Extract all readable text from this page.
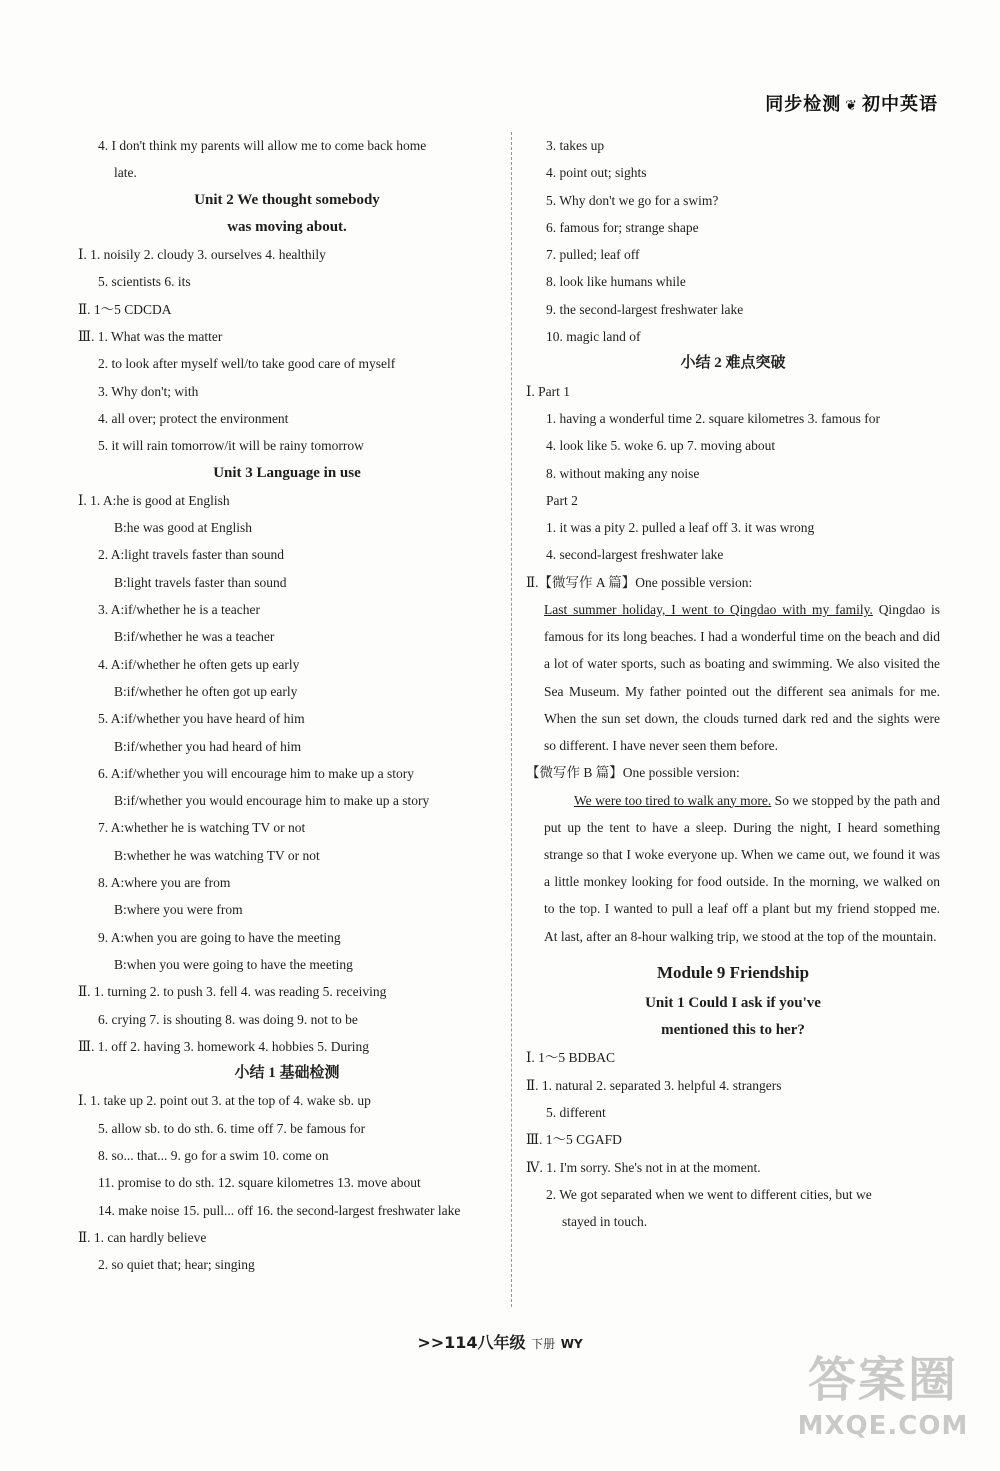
同步检测 ❦ 初中英语
4. I don't think my parents will allow me to come back home
late.
Unit 2 We thought somebody
was moving about.
Ⅰ. 1. noisily 2. cloudy 3. ourselves 4. healthily
5. scientists 6. its
Ⅱ. 1～5 CDCDA
Ⅲ. 1. What was the matter
2. to look after myself well/to take good care of myself
3. Why don't; with
4. all over; protect the environment
5. it will rain tomorrow/it will be rainy tomorrow
Unit 3 Language in use
Ⅰ. 1. A:he is good at English
B:he was good at English
2. A:light travels faster than sound
B:light travels faster than sound
3. A:if/whether he is a teacher
B:if/whether he was a teacher
4. A:if/whether he often gets up early
B:if/whether he often got up early
5. A:if/whether you have heard of him
B:if/whether you had heard of him
6. A:if/whether you will encourage him to make up a story
B:if/whether you would encourage him to make up a story
7. A:whether he is watching TV or not
B:whether he was watching TV or not
8. A:where you are from
B:where you were from
9. A:when you are going to have the meeting
B:when you were going to have the meeting
Ⅱ. 1. turning 2. to push 3. fell 4. was reading 5. receiving
6. crying 7. is shouting 8. was doing 9. not to be
Ⅲ. 1. off 2. having 3. homework 4. hobbies 5. During
小结 1 基础检测
Ⅰ. 1. take up 2. point out 3. at the top of 4. wake sb. up
5. allow sb. to do sth. 6. time off 7. be famous for
8. so... that... 9. go for a swim 10. come on
11. promise to do sth. 12. square kilometres 13. move about
14. make noise 15. pull... off 16. the second-largest freshwater lake
Ⅱ. 1. can hardly believe
2. so quiet that; hear; singing
3. takes up
4. point out; sights
5. Why don't we go for a swim?
6. famous for; strange shape
7. pulled; leaf off
8. look like humans while
9. the second-largest freshwater lake
10. magic land of
小结 2 难点突破
Ⅰ. Part 1
1. having a wonderful time 2. square kilometres 3. famous for
4. look like 5. woke 6. up 7. moving about
8. without making any noise
Part 2
1. it was a pity 2. pulled a leaf off 3. it was wrong
4. second-largest freshwater lake
Ⅱ.【微写作 A 篇】One possible version:
Last summer holiday, I went to Qingdao with my family. Qingdao is famous for its long beaches. I had a wonderful time on the beach and did a lot of water sports, such as boating and swimming. We also visited the Sea Museum. My father pointed out the different sea animals for me. When the sun set down, the clouds turned dark red and the sights were so different. I have never seen them before.
【微写作 B 篇】One possible version:
We were too tired to walk any more. So we stopped by the path and put up the tent to have a sleep. During the night, I heard something strange so that I woke everyone up. When we came out, we found it was a little monkey looking for food outside. In the morning, we walked on to the top. I wanted to pull a leaf off a plant but my friend stopped me. At last, after an 8-hour walking trip, we stood at the top of the mountain.
Module 9 Friendship
Unit 1 Could I ask if you've
mentioned this to her?
Ⅰ. 1～5 BDBAC
Ⅱ. 1. natural 2. separated 3. helpful 4. strangers
5. different
Ⅲ. 1～5 CGAFD
Ⅳ. 1. I'm sorry. She's not in at the moment.
2. We got separated when we went to different cities, but we
stayed in touch.
>>114八年级 下册 WY
答案圈
MXQE.COM
